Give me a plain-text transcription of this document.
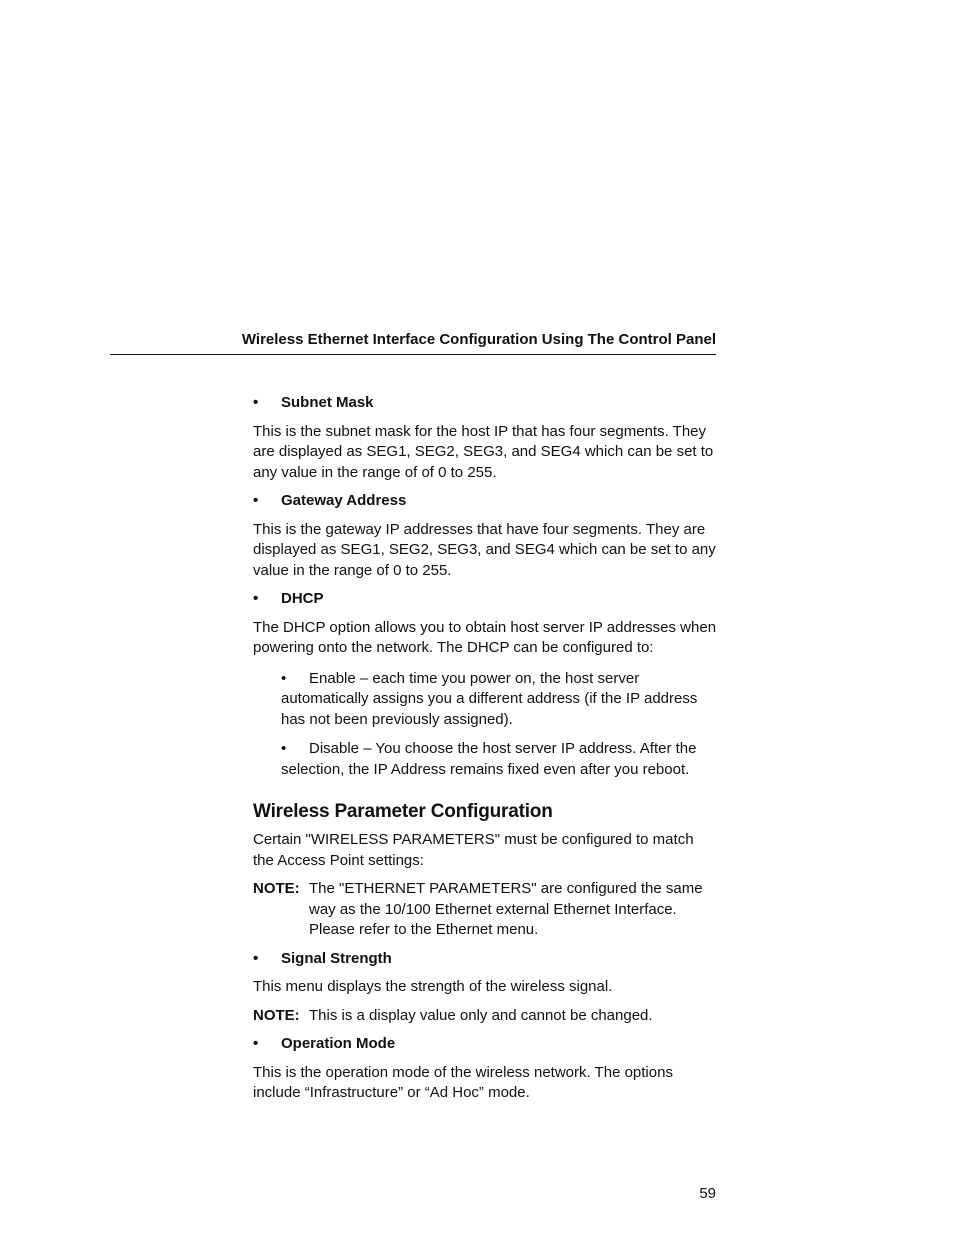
Wireless Ethernet Interface Configuration Using The Control Panel
• Subnet Mask

This is the subnet mask for the host IP that has four segments. They are displayed as SEG1, SEG2, SEG3, and SEG4 which can be set to any value in the range of of 0 to 255.

• Gateway Address

This is the gateway IP addresses that have four segments. They are displayed as SEG1, SEG2, SEG3, and SEG4 which can be set to any value in the range of 0 to 255.

• DHCP

The DHCP option allows you to obtain host server IP addresses when powering onto the network. The DHCP can be configured to:

• Enable – each time you power on, the host server automatically assigns you a different address (if the IP address has not been previously assigned).

• Disable – You choose the host server IP address. After the selection, the IP Address remains fixed even after you reboot.

Wireless Parameter Configuration

Certain "WIRELESS PARAMETERS" must be configured to match the Access Point settings:

NOTE: The "ETHERNET PARAMETERS" are configured the same way as the 10/100 Ethernet external Ethernet Interface. Please refer to the Ethernet menu.
• Signal Strength

This menu displays the strength of the wireless signal.

NOTE: This is a display value only and cannot be changed.
• Operation Mode

This is the operation mode of the wireless network. The options include “Infrastructure” or “Ad Hoc” mode.

59
